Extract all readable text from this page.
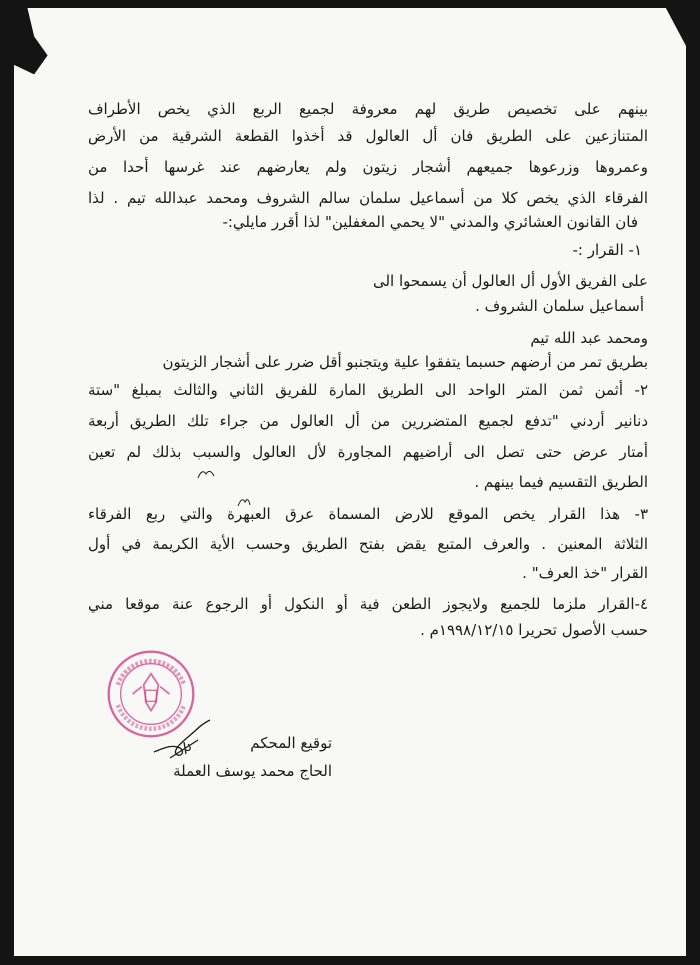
بينهم على تخصيص طريق لهم معروفة لجميع الربع الذي يخص الأطراف
المتنازعين على الطريق فان أل العالول قد أخذوا القطعة الشرقية من الأرض
وعمروها وزرعوها جميعهم أشجار زيتون ولم يعارضهم عند غرسها أحدا من
الفرقاء الذي يخص كلا من أسماعيل سلمان سالم الشروف ومحمد عبدالله تيم . لذا
فان القانون العشائري والمدني "لا يحمي المغفلين" لذا أقرر مايلي:-
١- القرار :-
على الفريق الأول أل العالول أن يسمحوا الى
أسماعيل سلمان الشروف .
ومحمد عبد الله تيم
بطريق تمر من أرضهم حسبما يتفقوا علية ويتجنبو أقل ضرر على أشجار الزيتون
٢- أثمن ثمن المتر الواحد الى الطريق المارة للفريق الثاني والثالث بمبلغ "ستة
دنانير أردني "تدفع لجميع المتضررين من أل العالول من جراء تلك الطريق أربعة
أمتار عرض حتى تصل الى أراضيهم المجاورة لأل العالول والسبب بذلك لم تعين
الطريق التقسيم فيما بينهم .
٣- هذا القرار يخص الموقع للارض المسماة عرق العبهرة والتي ربع الفرقاء
الثلاثة المعنين . والعرف المتبع يقض بفتح الطريق وحسب الأية الكريمة في أول
القرار "خذ العرف" .
٤-القرار ملزما للجميع ولايجوز الطعن فية أو النكول أو الرجوع عنة موقعا مني
حسب الأصول تحريرا ١٩٩٨/١٢/١٥م .
توقيع المحكم
الحاج محمد يوسف العملة
